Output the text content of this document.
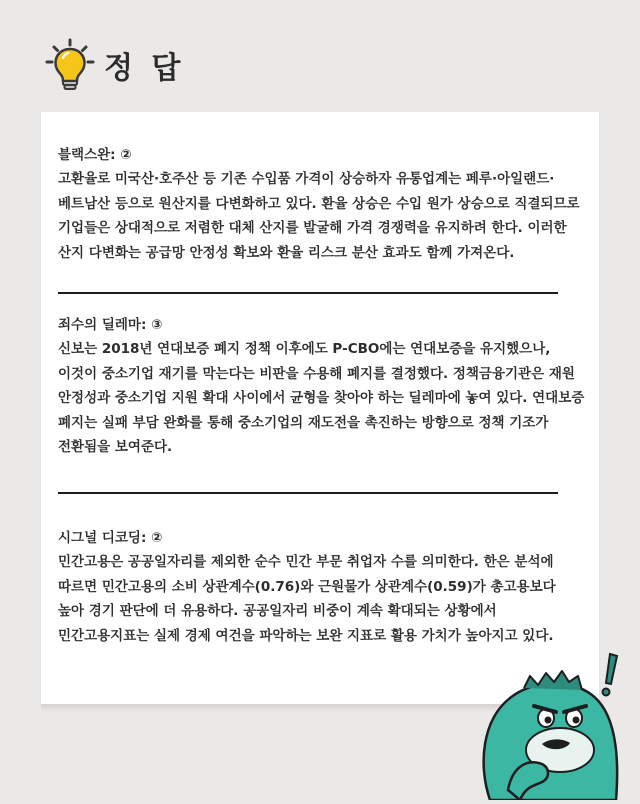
정 답

블랙스완: ②

고환율로 미국산·호주산 등 기존 수입품 가격이 상승하자 유통업계는 페루·아일랜드·베트남산 등으로 원산지를 다변화하고 있다. 환율 상승은 수입 원가 상승으로 직결되므로 기업들은 상대적으로 저렴한 대체 산지를 발굴해 가격 경쟁력을 유지하려 한다. 이러한 산지 다변화는 공급망 안정성 확보와 환율 리스크 분산 효과도 함께 가져온다.

죄수의 딜레마: ③

신보는 2018년 연대보증 폐지 정책 이후에도 P-CBO에는 연대보증을 유지했으나, 이것이 중소기업 재기를 막는다는 비판을 수용해 폐지를 결정했다. 정책금융기관은 재원 안정성과 중소기업 지원 확대 사이에서 균형을 찾아야 하는 딜레마에 놓여 있다. 연대보증 폐지는 실패 부담 완화를 통해 중소기업의 재도전을 촉진하는 방향으로 정책 기조가 전환됨을 보여준다.

시그널 디코딩: ②

민간고용은 공공일자리를 제외한 순수 민간 부문 취업자 수를 의미한다. 한은 분석에 따르면 민간고용의 소비 상관계수(0.76)와 근원물가 상관계수(0.59)가 총고용보다 높아 경기 판단에 더 유용하다. 공공일자리 비중이 계속 확대되는 상황에서 민간고용지표는 실제 경제 여건을 파악하는 보완 지표로 활용 가치가 높아지고 있다.
